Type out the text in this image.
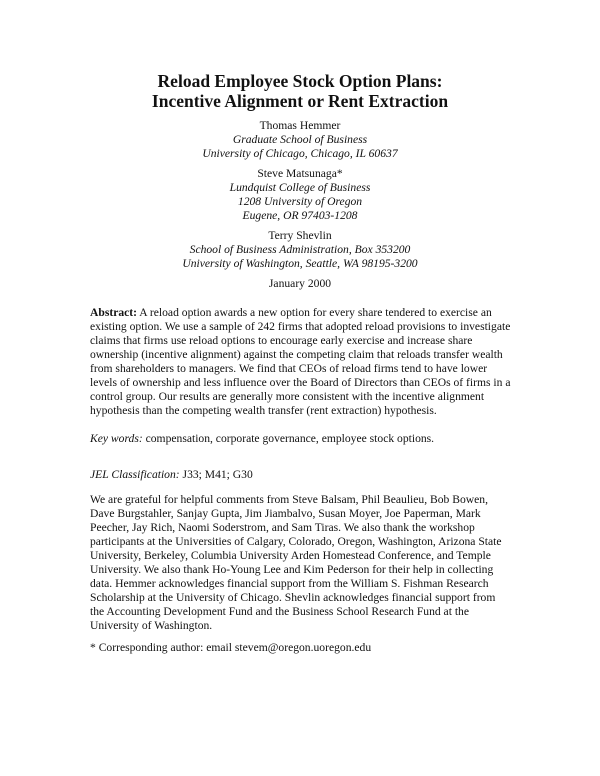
Reload Employee Stock Option Plans:
Incentive Alignment or Rent Extraction

Thomas Hemmer

Graduate School of Business

University of Chicago, Chicago, IL 60637

Steve Matsunaga*

Lundquist College of Business

1208 University of Oregon

Eugene, OR 97403-1208

Terry Shevlin

School of Business Administration, Box 353200

University of Washington, Seattle, WA 98195-3200

January 2000

Abstract: A reload option awards a new option for every share tendered to exercise an
existing option. We use a sample of 242 firms that adopted reload provisions to investigate
claims that firms use reload options to encourage early exercise and increase share
ownership (incentive alignment) against the competing claim that reloads transfer wealth
from shareholders to managers. We find that CEOs of reload firms tend to have lower
levels of ownership and less influence over the Board of Directors than CEOs of firms in a
control group. Our results are generally more consistent with the incentive alignment
hypothesis than the competing wealth transfer (rent extraction) hypothesis.

Key words: compensation, corporate governance, employee stock options.

JEL Classification: J33; M41; G30

We are grateful for helpful comments from Steve Balsam, Phil Beaulieu, Bob Bowen,
Dave Burgstahler, Sanjay Gupta, Jim Jiambalvo, Susan Moyer, Joe Paperman, Mark
Peecher, Jay Rich, Naomi Soderstrom, and Sam Tiras. We also thank the workshop
participants at the Universities of Calgary, Colorado, Oregon, Washington, Arizona State
University, Berkeley, Columbia University Arden Homestead Conference, and Temple
University. We also thank Ho-Young Lee and Kim Pederson for their help in collecting
data. Hemmer acknowledges financial support from the William S. Fishman Research
Scholarship at the University of Chicago. Shevlin acknowledges financial support from
the Accounting Development Fund and the Business School Research Fund at the
University of Washington.

* Corresponding author: email stevem@oregon.uoregon.edu
